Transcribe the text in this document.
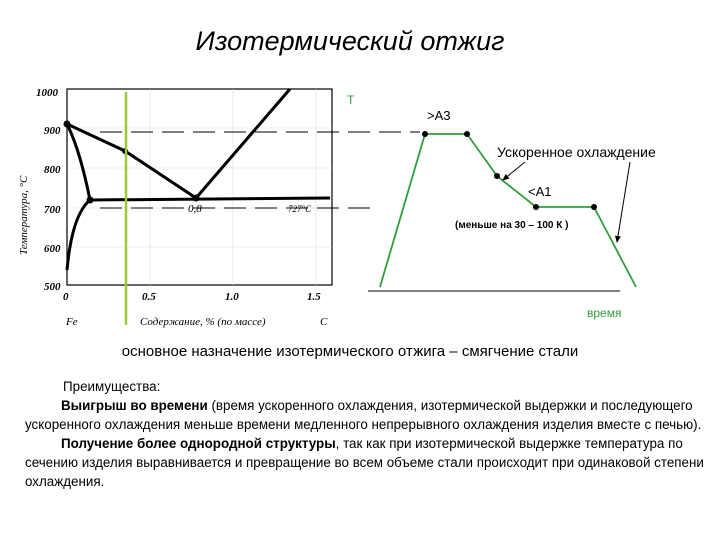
Изотермический отжиг
1000
900
800
700
600
500
0	0.5	1.0	1.5
Температура, °С
Fe	Содержание, % (по массе)	C
0,8	727°C
T
время
>A3
<A1
Ускоренное охлаждение
(меньше на 30 – 100 К )
основное назначение изотермического отжига – смягчение стали

Преимущества:

Выигрыш во времени (время ускоренного охлаждения, изотермической выдержки и последующего ускоренного охлаждения меньше времени медленного непрерывного охлаждения изделия вместе с печью).

Получение более однородной структуры, так как при изотермической выдержке температура по сечению изделия выравнивается и превращение во всем объеме стали происходит при одинаковой степени охлаждения.
